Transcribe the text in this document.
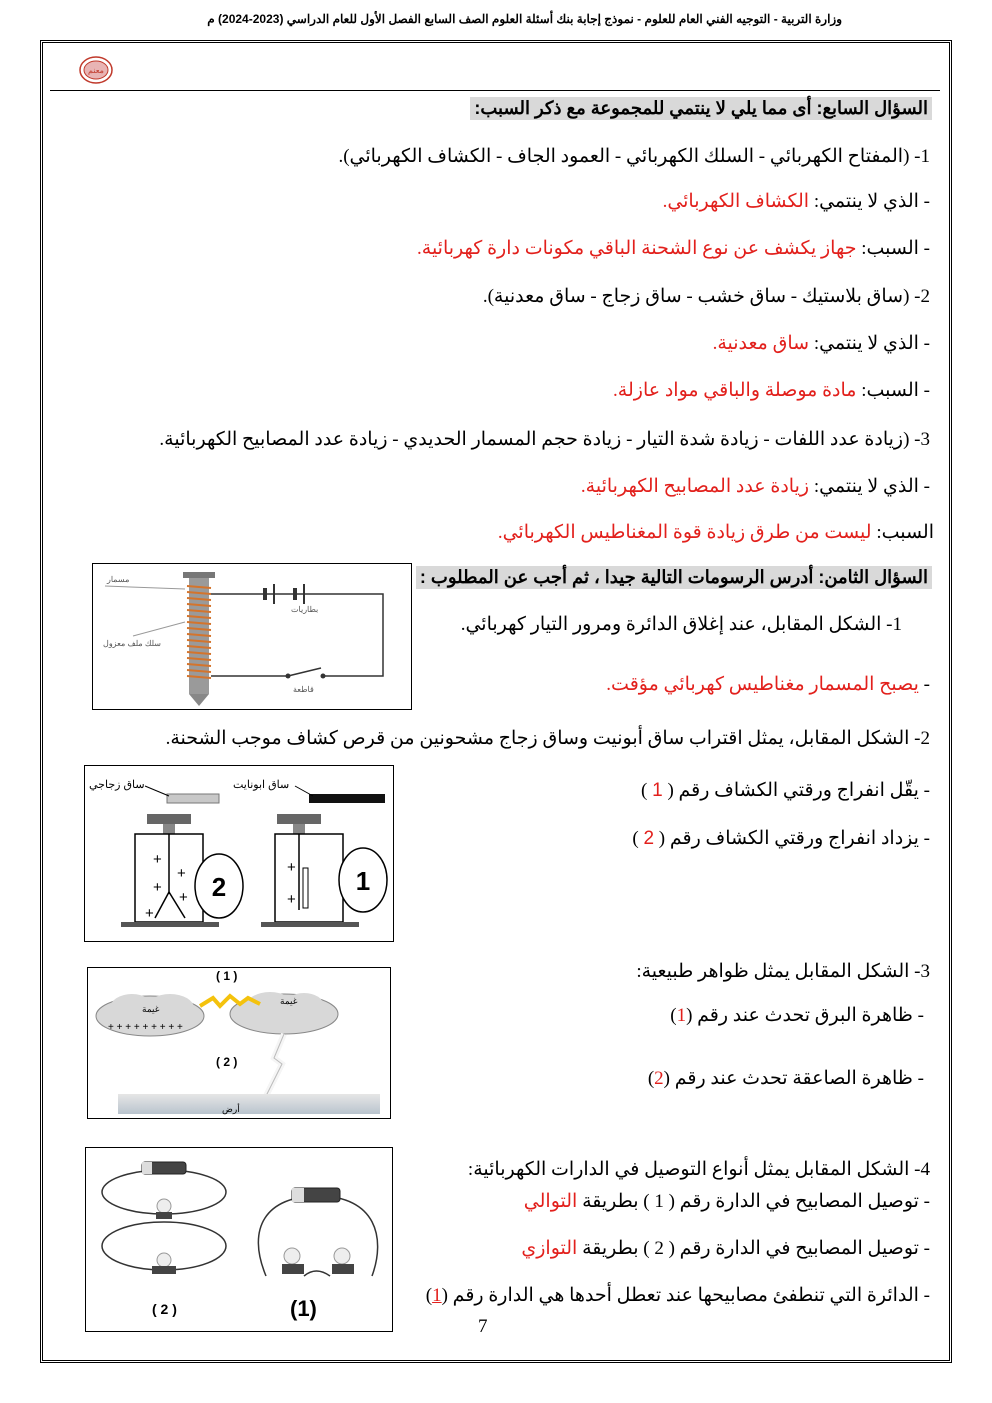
معنم
وزارة التربية - التوجيه الفني العام للعلوم - نموذج إجابة بنك أسئلة العلوم الصف السابع الفصل الأول للعام الدراسي (2023-2024) م
السؤال السابع: أى مما يلي لا ينتمي للمجموعة مع ذكر السبب:
1- (المفتاح الكهربائي - السلك الكهربائي - العمود الجاف - الكشاف الكهربائي).
- الذي لا ينتمي: الكشاف الكهربائي.
- السبب: جهاز يكشف عن نوع الشحنة الباقي مكونات دارة كهربائية.
2- (ساق بلاستيك - ساق خشب - ساق زجاج - ساق معدنية).
- الذي لا ينتمي: ساق معدنية.
- السبب: مادة موصلة والباقي مواد عازلة.
3- (زيادة عدد اللفات - زيادة شدة التيار - زيادة حجم المسمار الحديدي - زيادة عدد المصابيح الكهربائية.
- الذي لا ينتمي: زيادة عدد المصابيح الكهربائية.
السبب: ليست من طرق زيادة قوة المغناطيس الكهربائي.
السؤال الثامن: أدرس الرسومات التالية جيدا ، ثم أجب عن المطلوب :
مسمار
بطاريات
سلك ملف معزول
قاطعة
1- الشكل المقابل، عند إغلاق الدائرة ومرور التيار كهربائي.
- يصبح المسمار مغناطيس كهربائي مؤقت.
2- الشكل المقابل، يمثل اقتراب ساق أبونيت وساق زجاج مشحونين من قرص كشاف موجب الشحنة.
ساق زجاجي	ساق ابونايت
+
+
+
+
+ 2
+
+
1
- يقّل انفراج ورقتي الكشاف رقم ( 1 )
- يزداد انفراج ورقتي الكشاف رقم ( 2 )
3- الشكل المقابل يمثل ظواهر طبيعية:
( 1 )
غيمة
غيمة
+ + + + + + + + +
( 2 )
أرض
- ظاهرة البرق تحدث عند رقم (1)
- ظاهرة الصاعقة تحدث عند رقم (2)
( 2 )	(1)
4- الشكل المقابل يمثل أنواع التوصيل في الدارات الكهربائية:
- توصيل المصابيح في الدارة رقم ( 1 ) بطريقة التوالي
- توصيل المصابيح في الدارة رقم ( 2 ) بطريقة التوازي
- الدائرة التي تنطفئ مصابيحها عند تعطل أحدها هي الدارة رقم (1)
7
